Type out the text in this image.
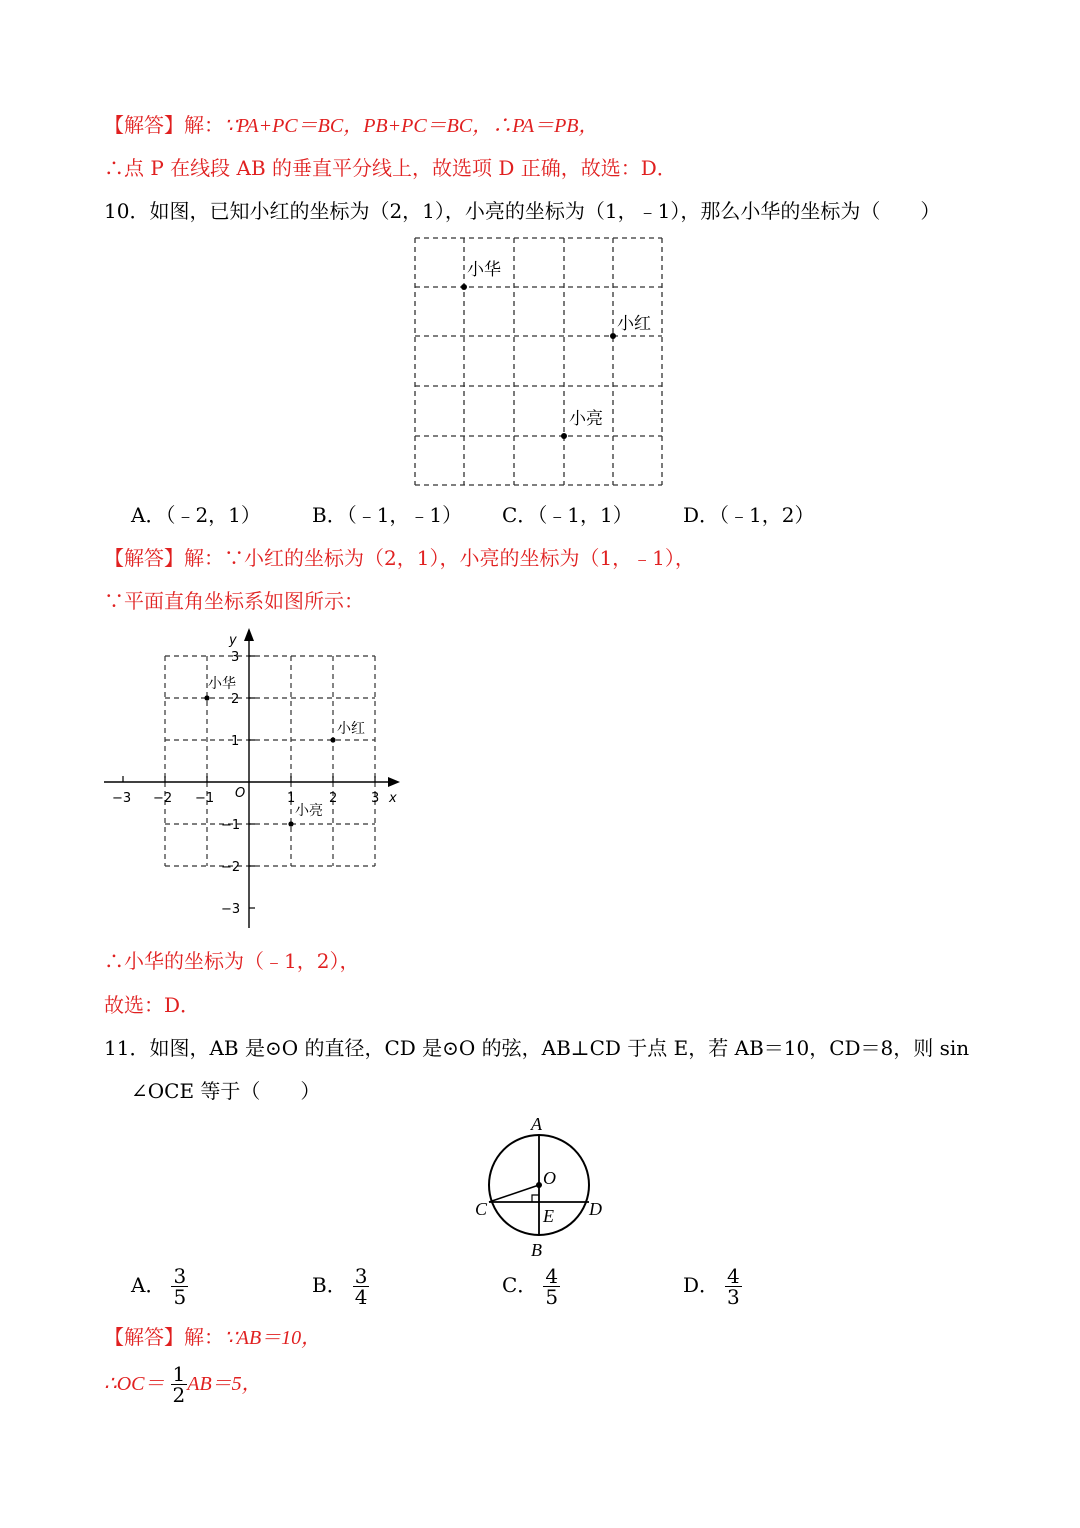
【解答】解：∵PA+PC＝BC，PB+PC＝BC，∴PA＝PB，
∴点 P 在线段 AB 的垂直平分线上，故选项 D 正确，故选：D．
10．如图，已知小红的坐标为（2，1），小亮的坐标为（1，﹣1），那么小华的坐标为（　　）
小华
小红
小亮
A．（﹣2，1）	B．（﹣1，﹣1） C．（﹣1，1）	D．（﹣1，2）
【解答】解：∵小红的坐标为（2，1），小亮的坐标为（1，﹣1），
∵平面直角坐标系如图所示：
y
x
O
−3 −2 −1	1	2	3
3
2
1
−1
−2
−3
小华
小红
小亮
∴小华的坐标为（﹣1，2），
故选：D．
11．如图，AB 是⊙O 的直径，CD 是⊙O 的弦，AB⊥CD 于点 E，若 AB＝10，CD＝8，则 sin
∠OCE 等于（　　）
A
O
C	D
E
B
A． $\frac{3}{5}$	B． $\frac{3}{4}$	C． $\frac{4}{5}$	D． $\frac{4}{3}$
【解答】解：∵AB＝10，
∴OC＝ $\frac{1}{2} AB=5$，
